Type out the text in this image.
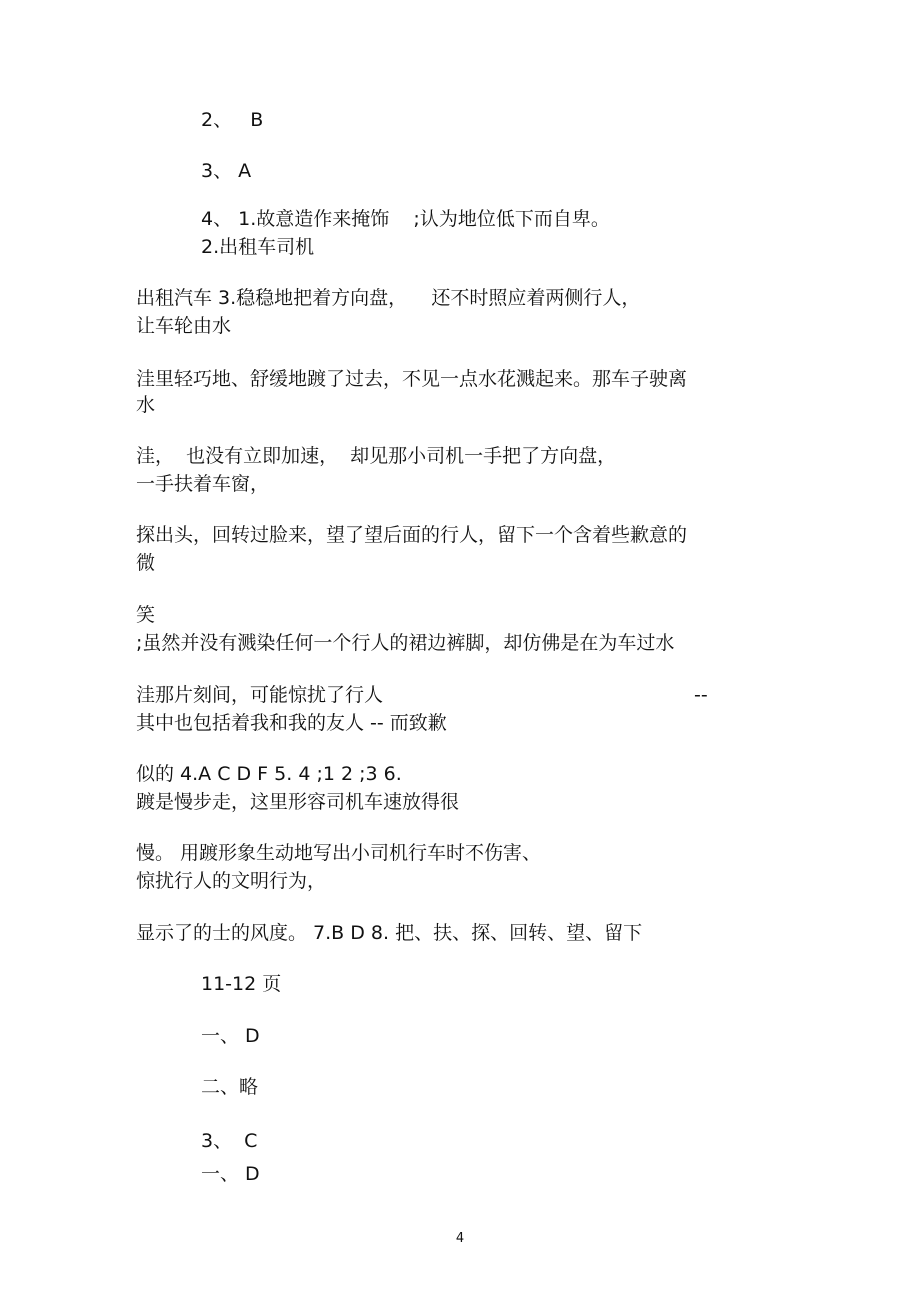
2、   B

3、 A

4、 1.故意造作来掩饰    ;认为地位低下而自卑。

2.出租车司机

出租汽车 3.稳稳地把着方向盘，    还不时照应着两侧行人，

让车轮由水

洼里轻巧地、舒缓地踱了过去，不见一点水花溅起来。那车子驶离

水

洼，  也没有立即加速，  却见那小司机一手把了方向盘，

一手扶着车窗，

探出头，回转过脸来，望了望后面的行人，留下一个含着些歉意的

微

笑

;虽然并没有溅染任何一个行人的裙边裤脚，却仿佛是在为车过水

洼那片刻间，可能惊扰了行人	--

其中也包括着我和我的友人 -- 而致歉

似的 4.A C D F 5. 4 ;1 2 ;3 6.

踱是慢步走，这里形容司机车速放得很

慢。 用踱形象生动地写出小司机行车时不伤害、

惊扰行人的文明行为，

显示了的士的风度。 7.B D 8. 把、扶、探、回转、望、留下

11-12 页

一、 D

二、略

3、  C

一、 D

4
